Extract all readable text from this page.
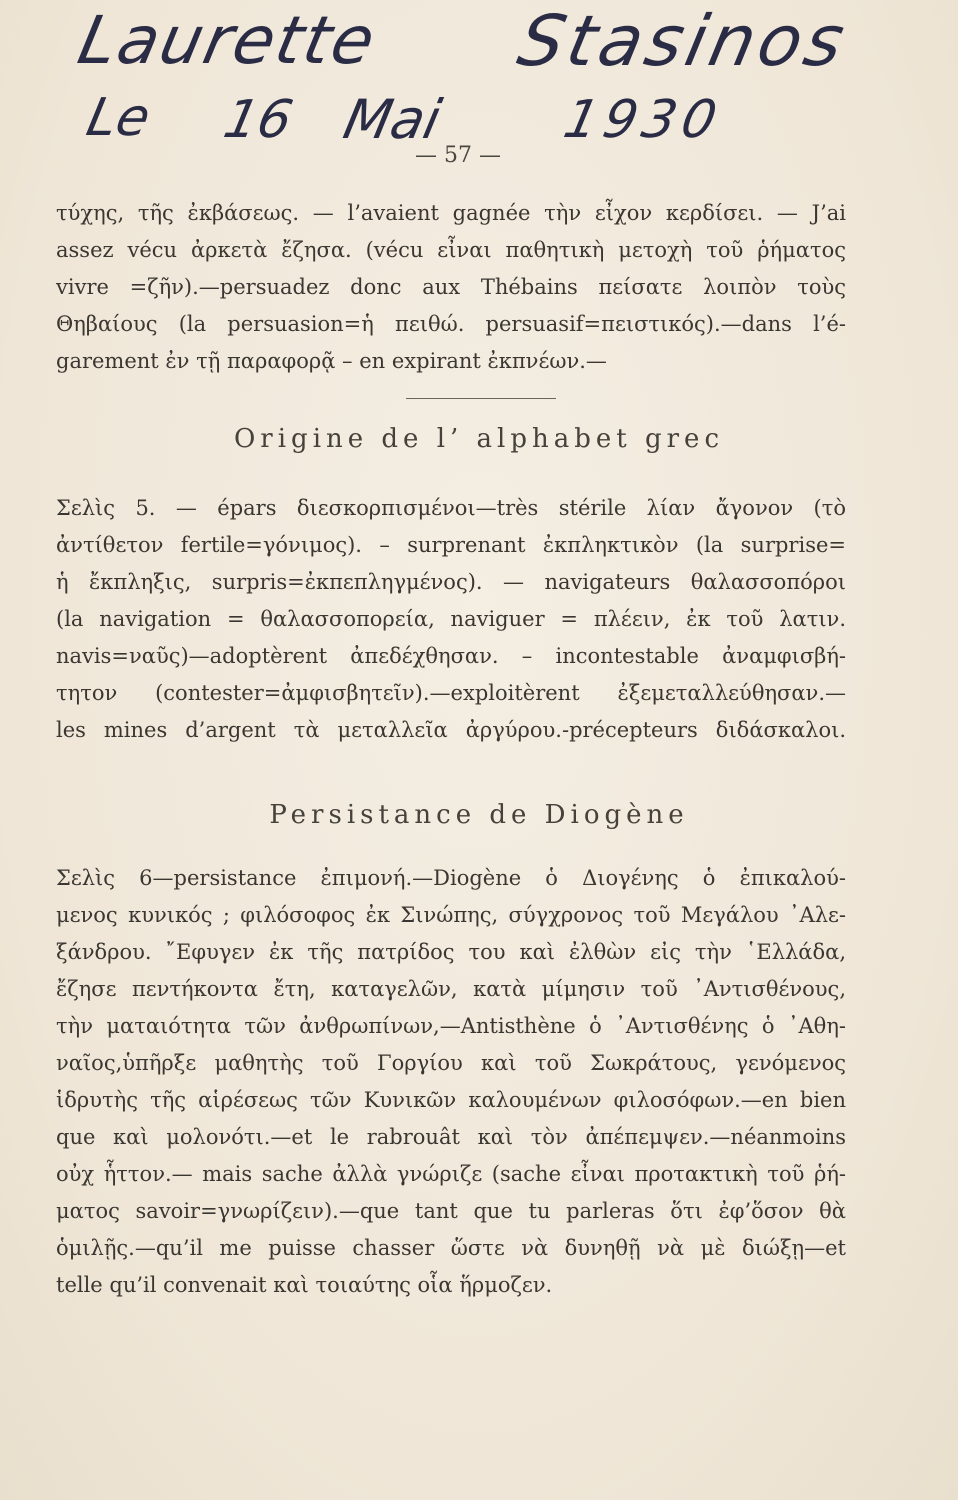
Laurette Stasinos
Le 16 Mai 1930
— 57 —
τύχης, τῆς ἐκβάσεως. — l’avaient gagnée τὴν εἶχον κερδίσει. — J’ai
assez vécu ἀρκετὰ ἔζησα. (vécu εἶναι παθητικὴ μετοχὴ τοῦ ῥήματος
vivre =ζῆν).—persuadez donc aux Thébains πείσατε λοιπὸν τοὺς
Θηβαίους (la persuasion=ἡ πειθώ. persuasif=πειστικός).—dans l’é-
garement ἐν τῇ παραφορᾷ – en expirant ἐκπνέων.—
Origine de l’ alphabet grec
Σελὶς 5. — épars διεσκορπισμένοι—très stérile λίαν ἄγονον (τὸ
ἀντίθετον fertile=γόνιμος). – surprenant ἐκπληκτικὸν (la surprise=
ἡ ἔκπληξις, surpris=ἐκπεπληγμένος). — navigateurs θαλασσοπόροι
(la navigation = θαλασσοπορεία, naviguer = πλέειν, ἐκ τοῦ λατιν.
navis=ναῦς)—adoptèrent ἀπεδέχθησαν. – incontestable ἀναμφισβή-
τητον (contester=ἀμφισβητεῖν).—exploitèrent ἐξεμεταλλεύθησαν.—
les mines d’argent τὰ μεταλλεῖα ἀργύρου.-précepteurs διδάσκαλοι.
Persistance de Diogène
Σελὶς 6—persistance ἐπιμονή.—Diogène ὁ Διογένης ὁ ἐπικαλού-
μενος κυνικός ; φιλόσοφος ἐκ Σινώπης, σύγχρονος τοῦ Μεγάλου ᾿Αλε-
ξάνδρου. ῎Εφυγεν ἐκ τῆς πατρίδος του καὶ ἐλθὼν εἰς τὴν ῾Ελλάδα,
ἔζησε πεντήκοντα ἔτη, καταγελῶν, κατὰ μίμησιν τοῦ ᾿Αντισθένους,
τὴν ματαιότητα τῶν ἀνθρωπίνων,—Antisthène ὁ ᾿Αντισθένης ὁ ᾿Αθη-
ναῖος,ὑπῆρξε μαθητὴς τοῦ Γοργίου καὶ τοῦ Σωκράτους, γενόμενος
ἱδρυτὴς τῆς αἱρέσεως τῶν Κυνικῶν καλουμένων φιλοσόφων.—en bien
que καὶ μολονότι.—et le rabrouât καὶ τὸν ἀπέπεμψεν.—néanmoins
οὐχ ἧττον.— mais sache ἀλλὰ γνώριζε (sache εἶναι προτακτικὴ τοῦ ῥή-
ματος savoir=γνωρίζειν).—que tant que tu parleras ὅτι ἐφ’ὅσον θὰ
ὁμιλῇς.—qu’il me puisse chasser ὥστε νὰ δυνηθῇ νὰ μὲ διώξῃ—et
telle qu’il convenait καὶ τοιαύτης οἷα ἥρμοζεν.
